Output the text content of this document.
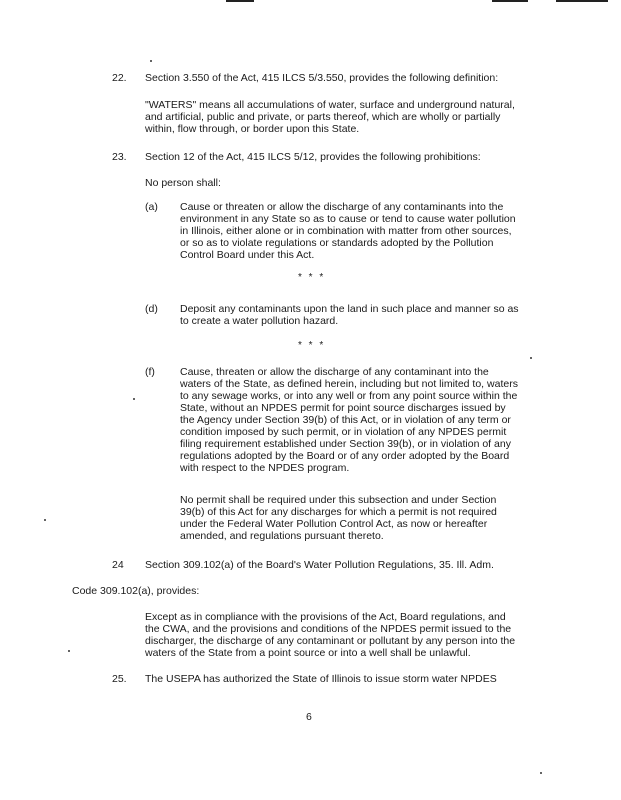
22. Section 3.550 of the Act, 415 ILCS 5/3.550, provides the following definition:
"WATERS" means all accumulations of water, surface and underground natural,
and artificial, public and private, or parts thereof, which are wholly or partially
within, flow through, or border upon this State.
23. Section 12 of the Act, 415 ILCS 5/12, provides the following prohibitions:
No person shall:
(a) Cause or threaten or allow the discharge of any contaminants into the
environment in any State so as to cause or tend to cause water pollution
in Illinois, either alone or in combination with matter from other sources,
or so as to violate regulations or standards adopted by the Pollution
Control Board under this Act.
* * *
(d) Deposit any contaminants upon the land in such place and manner so as
to create a water pollution hazard.
* * *
(f) Cause, threaten or allow the discharge of any contaminant into the
waters of the State, as defined herein, including but not limited to, waters
to any sewage works, or into any well or from any point source within the
State, without an NPDES permit for point source discharges issued by
the Agency under Section 39(b) of this Act, or in violation of any term or
condition imposed by such permit, or in violation of any NPDES permit
filing requirement established under Section 39(b), or in violation of any
regulations adopted by the Board or of any order adopted by the Board
with respect to the NPDES program.
No permit shall be required under this subsection and under Section
39(b) of this Act for any discharges for which a permit is not required
under the Federal Water Pollution Control Act, as now or hereafter
amended, and regulations pursuant thereto.
24 Section 309.102(a) of the Board's Water Pollution Regulations, 35. Ill. Adm.
Code 309.102(a), provides:
Except as in compliance with the provisions of the Act, Board regulations, and
the CWA, and the provisions and conditions of the NPDES permit issued to the
discharger, the discharge of any contaminant or pollutant by any person into the
waters of the State from a point source or into a well shall be unlawful.
25. The USEPA has authorized the State of Illinois to issue storm water NPDES
6
